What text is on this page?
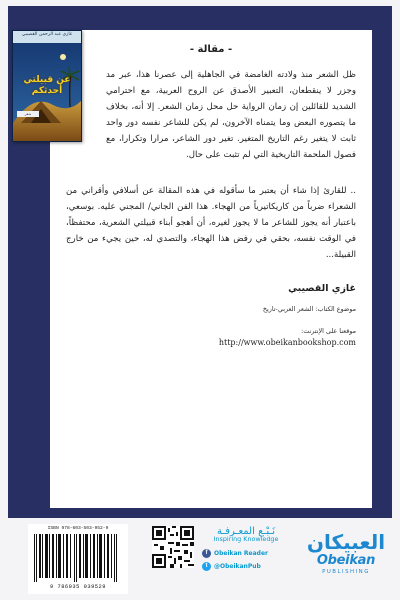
غازي عبد الرحمن القصيبي
عن قبيلتي أحدثكم
شعر
- مقالة -

ظل الشعر منذ ولادته الغامضة في الجاهلية إلى عصرنا هذا، عبر مد وجزر لا ينقطعان، التعبير الأصدق عن الروح العربية، مع احترامي الشديد للقائلين إن زمان الرواية حل محل زمان الشعر. إلا أنه، بخلاف ما يتصوره البعض وما يتمناه الآخرون، لم يكن للشاعر نفسه دور واحد ثابت لا يتغير رغم التاريخ المتغير. تغير دور الشاعر، مرارا وتكرارا، مع فصول الملحمة التاريخية التي لم تثبت على حال.

.. للقارئ إذا شاء أن يعتبر ما سأقوله في هذه المقالة عن أسلافي وأقراني من الشعراء ضرباً من كاريكاتيرياً من الهجاء. هذا الفن الجاني/ المجني عليه. بوسعي، باعتبار أنه يجوز للشاعر ما لا يجوز لغيره، أن أهجو أبناء قبيلتي الشعرية، محتفظاً، في الوقت نفسه، بحقي في رفض هذا الهجاء، والتصدي له، حين يجيء من خارج القبيلة...

غازي القصيبي
موضوع الكتاب: الشعر العربي-تاريخ
موقعنا على الإنترنت:
http://www.obeikanbookshop.com
ISBN 978-603-503-952-9
9 786035 039529
نَـبْـع المعـرفـة
Inspiring Knowledge
f	Obeikan Reader
t	@ObeikanPub
العبيكان
Obeikan
PUBLISHING
